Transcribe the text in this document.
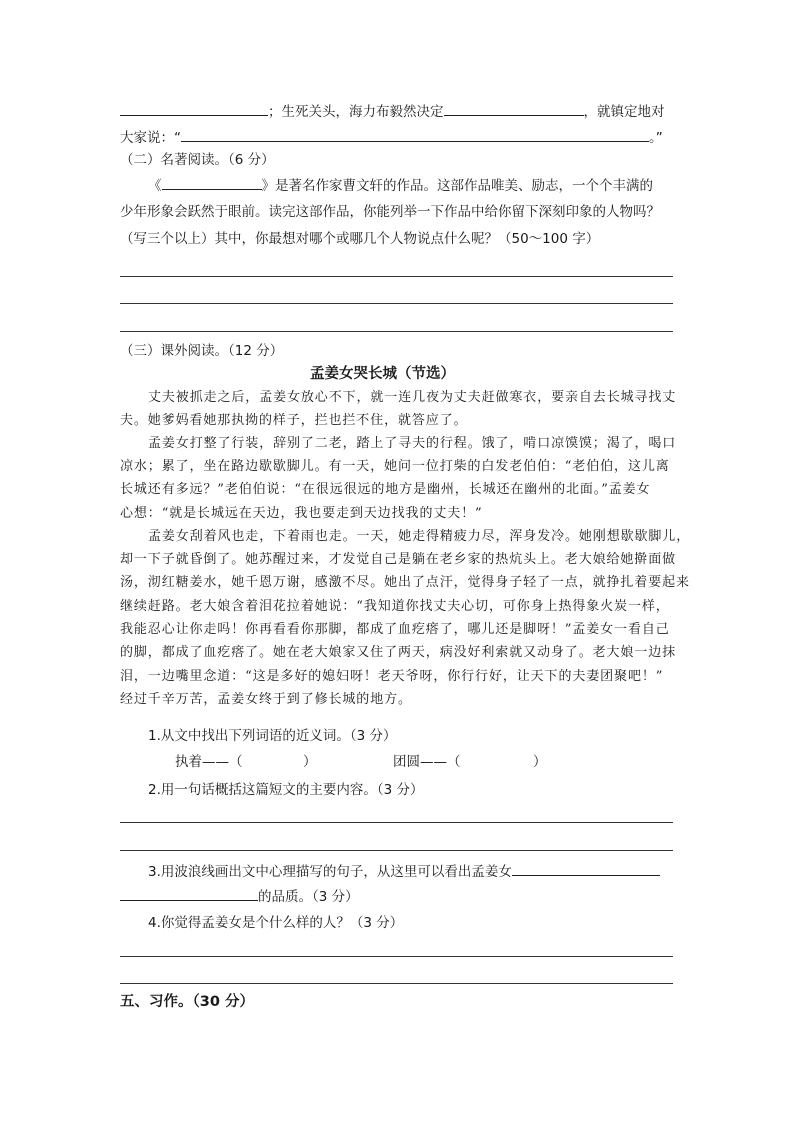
；生死关头，海力布毅然决定	，就镇定地对
大家说：“	。”
（二）名著阅读。（6 分）
《	》是著名作家曹文轩的作品。这部作品唯美、励志，一个个丰满的
少年形象会跃然于眼前。读完这部作品，你能列举一下作品中给你留下深刻印象的人物吗？
（写三个以上）其中，你最想对哪个或哪几个人物说点什么呢？（50～100 字）
（三）课外阅读。（12 分）
孟姜女哭长城（节选）
丈夫被抓走之后，孟姜女放心不下，就一连几夜为丈夫赶做寒衣，要亲自去长城寻找丈
夫。她爹妈看她那执拗的样子，拦也拦不住，就答应了。
孟姜女打整了行装，辞别了二老，踏上了寻夫的行程。饿了，啃口凉馍馍；渴了，喝口
凉水；累了，坐在路边歇歇脚儿。有一天，她问一位打柴的白发老伯伯：“老伯伯，这儿离
长城还有多远？”老伯伯说：“在很远很远的地方是幽州，长城还在幽州的北面。”孟姜女
心想：“就是长城远在天边，我也要走到天边找我的丈夫！”
孟姜女刮着风也走，下着雨也走。一天，她走得精疲力尽，浑身发冷。她刚想歇歇脚儿，
却一下子就昏倒了。她苏醒过来，才发觉自己是躺在老乡家的热炕头上。老大娘给她擀面做
汤，沏红糖姜水，她千恩万谢，感激不尽。她出了点汗，觉得身子轻了一点，就挣扎着要起来
继续赶路。老大娘含着泪花拉着她说：“我知道你找丈夫心切，可你身上热得象火炭一样，
我能忍心让你走吗！你再看看你那脚，都成了血疙瘩了，哪儿还是脚呀！”孟姜女一看自己
的脚，都成了血疙瘩了。她在老大娘家又住了两天，病没好利索就又动身了。老大娘一边抹
泪，一边嘴里念道：“这是多好的媳妇呀！老天爷呀，你行行好，让天下的夫妻团聚吧！”
经过千辛万苦，孟姜女终于到了修长城的地方。
1.从文中找出下列词语的近义词。（3 分）
执着——（	）	团圆——（	）
2.用一句话概括这篇短文的主要内容。（3 分）
3.用波浪线画出文中心理描写的句子，从这里可以看出孟姜女
的品质。（3 分）
4.你觉得孟姜女是个什么样的人？（3 分）
五、习作。（30 分）
